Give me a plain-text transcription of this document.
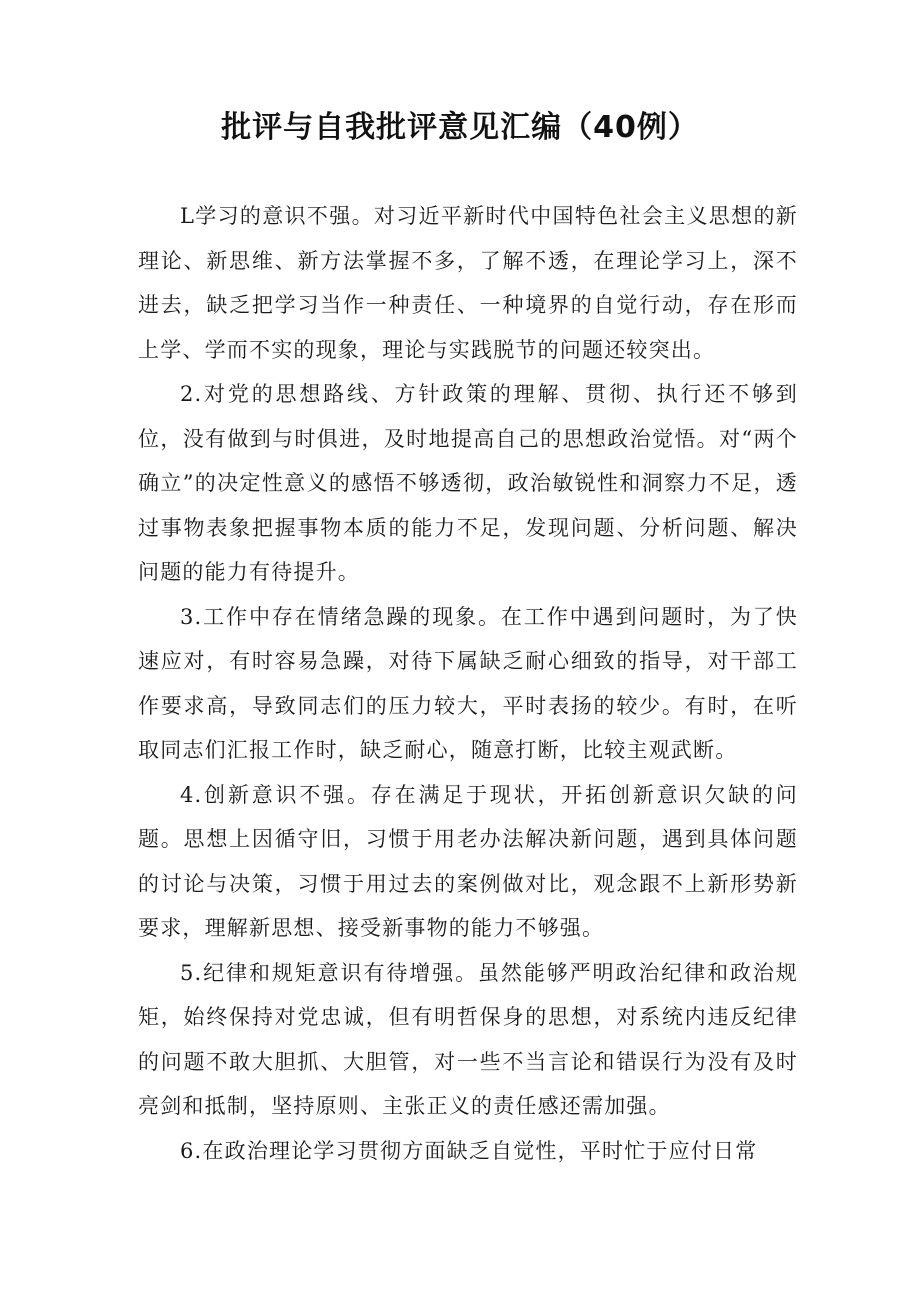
批评与自我批评意见汇编（40例）

L学习的意识不强。对习近平新时代中国特色社会主义思想的新理论、新思维、新方法掌握不多，了解不透，在理论学习上，深不进去，缺乏把学习当作一种责任、一种境界的自觉行动，存在形而上学、学而不实的现象，理论与实践脱节的问题还较突出。

2.对党的思想路线、方针政策的理解、贯彻、执行还不够到位，没有做到与时俱进，及时地提高自己的思想政治觉悟。对“两个确立”的决定性意义的感悟不够透彻，政治敏锐性和洞察力不足，透过事物表象把握事物本质的能力不足，发现问题、分析问题、解决问题的能力有待提升。

3.工作中存在情绪急躁的现象。在工作中遇到问题时，为了快速应对，有时容易急躁，对待下属缺乏耐心细致的指导，对干部工作要求高，导致同志们的压力较大，平时表扬的较少。有时，在听取同志们汇报工作时，缺乏耐心，随意打断，比较主观武断。

4.创新意识不强。存在满足于现状，开拓创新意识欠缺的问题。思想上因循守旧，习惯于用老办法解决新问题，遇到具体问题的讨论与决策，习惯于用过去的案例做对比，观念跟不上新形势新要求，理解新思想、接受新事物的能力不够强。

5.纪律和规矩意识有待增强。虽然能够严明政治纪律和政治规矩，始终保持对党忠诚，但有明哲保身的思想，对系统内违反纪律的问题不敢大胆抓、大胆管，对一些不当言论和错误行为没有及时亮剑和抵制，坚持原则、主张正义的责任感还需加强。

6.在政治理论学习贯彻方面缺乏自觉性，平时忙于应付日常
